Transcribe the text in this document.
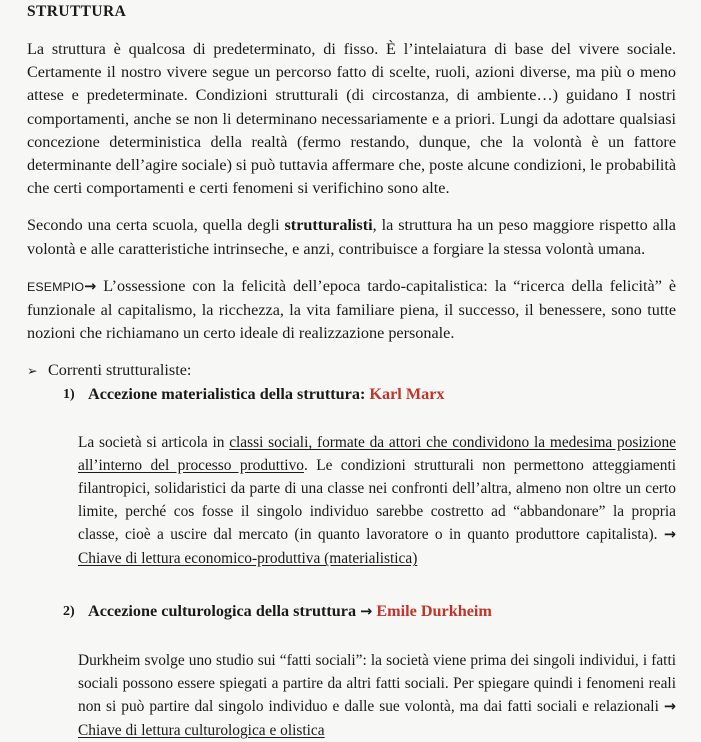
STRUTTURA

La struttura è qualcosa di predeterminato, di fisso. È l’intelaiatura di base del vivere sociale. Certamente il nostro vivere segue un percorso fatto di scelte, ruoli, azioni diverse, ma più o meno attese e predeterminate. Condizioni strutturali (di circostanza, di ambiente…) guidano I nostri comportamenti, anche se non li determinano necessariamente e a priori. Lungi da adottare qualsiasi concezione deterministica della realtà (fermo restando, dunque, che la volontà è un fattore determinante dell’agire sociale) si può tuttavia affermare che, poste alcune condizioni, le probabilità che certi comportamenti e certi fenomeni si verifichino sono alte.

Secondo una certa scuola, quella degli strutturalisti, la struttura ha un peso maggiore rispetto alla volontà e alle caratteristiche intrinseche, e anzi, contribuisce a forgiare la stessa volontà umana.

ESEMPIO→ L’ossessione con la felicità dell’epoca tardo-capitalistica: la “ricerca della felicità” è funzionale al capitalismo, la ricchezza, la vita familiare piena, il successo, il benessere, sono tutte nozioni che richiamano un certo ideale di realizzazione personale.

➢ Correnti strutturaliste:
1) Accezione materialistica della struttura: Karl Marx

La società si articola in classi sociali, formate da attori che condividono la medesima posizione all’interno del processo produttivo. Le condizioni strutturali non permettono atteggiamenti filantropici, solidaristici da parte di una classe nei confronti dell’altra, almeno non oltre un certo limite, perché cos fosse il singolo individuo sarebbe costretto ad “abbandonare” la propria classe, cioè a uscire dal mercato (in quanto lavoratore o in quanto produttore capitalista). → Chiave di lettura economico-produttiva (materialistica)

2) Accezione culturologica della struttura → Emile Durkheim

Durkheim svolge uno studio sui “fatti sociali”: la società viene prima dei singoli individui, i fatti sociali possono essere spiegati a partire da altri fatti sociali. Per spiegare quindi i fenomeni reali non si può partire dal singolo individuo e dalle sue volontà, ma dai fatti sociali e relazionali → Chiave di lettura culturologica e olistica
